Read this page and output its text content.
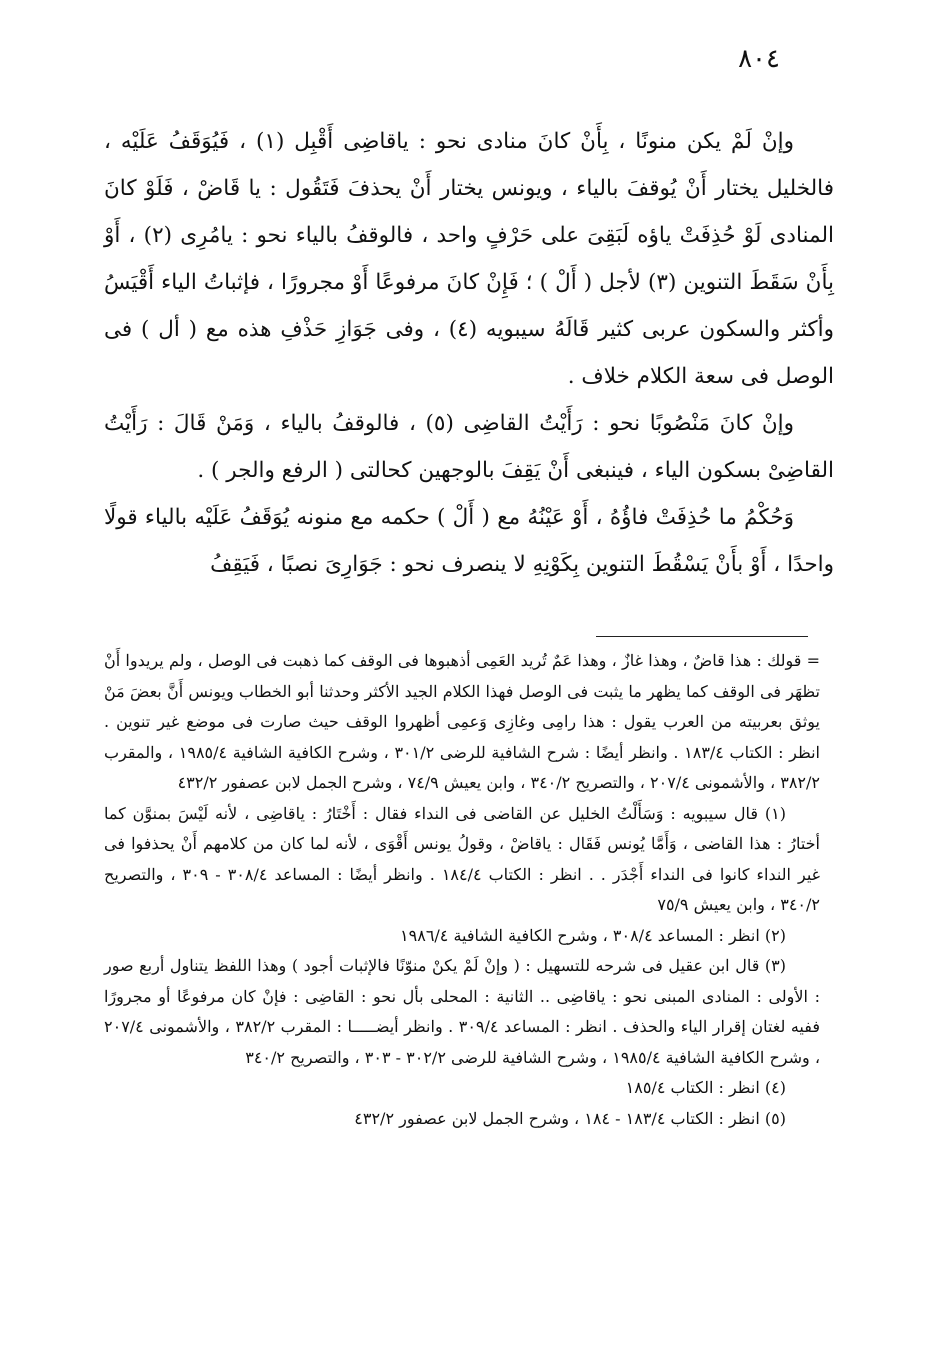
٨٠٤

وإنْ لَمْ يكن منونًا ، بِأَنْ كانَ منادى نحو : ياقاضِى أَقْبِل (١) ، فَيُوَقَفُ عَلَيْه ، فالخليل يختار أَنْ يُوقفَ بالياء ، ويونس يختار أَنْ يحذفَ فَتَقُول : يا قَاضْ ، فَلَوْ كانَ المنادى لَوْ حُذِفَتْ ياؤه لَبَقِىَ على حَرْفٍ واحد ، فالوقفُ بالياء نحو : يامُرِى (٢) ، أَوْ بِأَنْ سَقَطَ التنوين (٣) لأجل ( أَلْ ) ؛ فَإِنْ كانَ مرفوعًا أَوْ مجرورًا ، فإثباتُ الياء أَقْيَسُ وأكثر والسكون عربى كثير قَالَهُ سيبويه (٤) ، وفى جَوَازِ حَذْفِ هذه مع ( أل ) فى الوصل فى سعة الكلام خلاف .

وإنْ كانَ مَنْصُوبًا نحو : رَأَيْتُ القاضِى (٥) ، فالوقفُ بالياء ، وَمَنْ قَالَ : رَأَيْتُ القاضِىْ بسكون الياء ، فينبغى أَنْ يَقِفَ بالوجهين كحالتى ( الرفع والجر ) .

وَحُكْمُ ما حُذِفَتْ فاؤُهُ ، أَوْ عَيْنُهُ مع ( أَلْ ) حكمه مع منونه يُوَقَفُ عَلَيْه بالياء قولًا واحدًا ، أَوْ بأَنْ يَسْقُطَ التنوين بِكَوْنِهِ لا ينصرف نحو : جَوَارِىَ نصبًا ، فَيَقِفُ

= قولك : هذا قاضٌ ، وهذا غازٌ ، وهذا عَمٌ تُريد العَمِى أذهبوها فى الوقف كما ذهبت فى الوصل ، ولم يريدوا أَنْ تظهَر فى الوقف كما يظهر ما يثبت فى الوصل فهذا الكلام الجيد الأكثر وحدثنا أبو الخطاب ويونس أَنَّ بعضَ مَنْ يوثق بعربيته من العرب يقول : هذا رامِى وغازِى وَعمِى أظهروا الوقف حيث صارت فى موضع غير تنوين . انظر : الكتاب ١٨٣/٤ . وانظر أيضًا : شرح الشافية للرضى ٣٠١/٢ ، وشرح الكافية الشافية ١٩٨٥/٤ ، والمقرب ٣٨٢/٢ ، والأشمونى ٢٠٧/٤ ، والتصريح ٣٤٠/٢ ، وابن يعيش ٧٤/٩ ، وشرح الجمل لابن عصفور ٤٣٢/٢

(١) قال سيبويه : وَسَأَلْتُ الخليل عن القاضى فى النداء فقال : أَخْتَارُ : ياقاضِى ، لأنه لَيْسَ بمنوَّن كما أختارُ : هذا القاضى ، وَأَمَّا يُونس فَقَال : ياقاضْ ، وقولُ يونس أَقْوَى ، لأنه لما كان من كلامهم أَنْ يحذفوا فى غير النداء كانوا فى النداء أَجْدَر . . انظر : الكتاب ١٨٤/٤ . وانظر أيضًا : المساعد ٣٠٨/٤ - ٣٠٩ ، والتصريح ٣٤٠/٢ ، وابن يعيش ٧٥/٩

(٢) انظر : المساعد ٣٠٨/٤ ، وشرح الكافية الشافية ١٩٨٦/٤

(٣) قال ابن عقيل فى شرحه للتسهيل : ( وإنْ لَمْ يكنْ منوّنًا فالإثبات أجود ) وهذا اللفظ يتناول أربع صور : الأولى : المنادى المبنى نحو : ياقاضِى .. الثانية : المحلى بأل نحو : القاضِى : فإنْ كان مرفوعًا أو مجرورًا ففيه لغتان إقرار الياء والحذف . انظر : المساعد ٣٠٩/٤ . وانظر أيضـــــا : المقرب ٣٨٢/٢ ، والأشمونى ٢٠٧/٤ ، وشرح الكافية الشافية ١٩٨٥/٤ ، وشرح الشافية للرضى ٣٠٢/٢ - ٣٠٣ ، والتصريح ٣٤٠/٢

(٤) انظر : الكتاب ١٨٥/٤

(٥) انظر : الكتاب ١٨٣/٤ - ١٨٤ ، وشرح الجمل لابن عصفور ٤٣٢/٢
